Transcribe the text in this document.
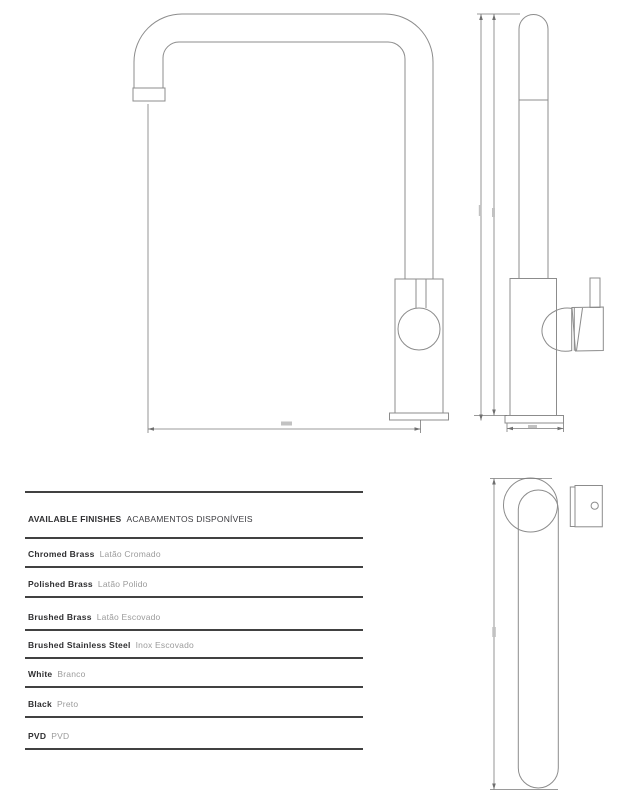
AVAILABLE FINISHES ACABAMENTOS DISPONÍVEIS
Chromed Brass Latão Cromado
Polished Brass Latão Polido
Brushed Brass Latão Escovado
Brushed Stainless Steel Inox Escovado
White Branco
Black Preto
PVD PVD
